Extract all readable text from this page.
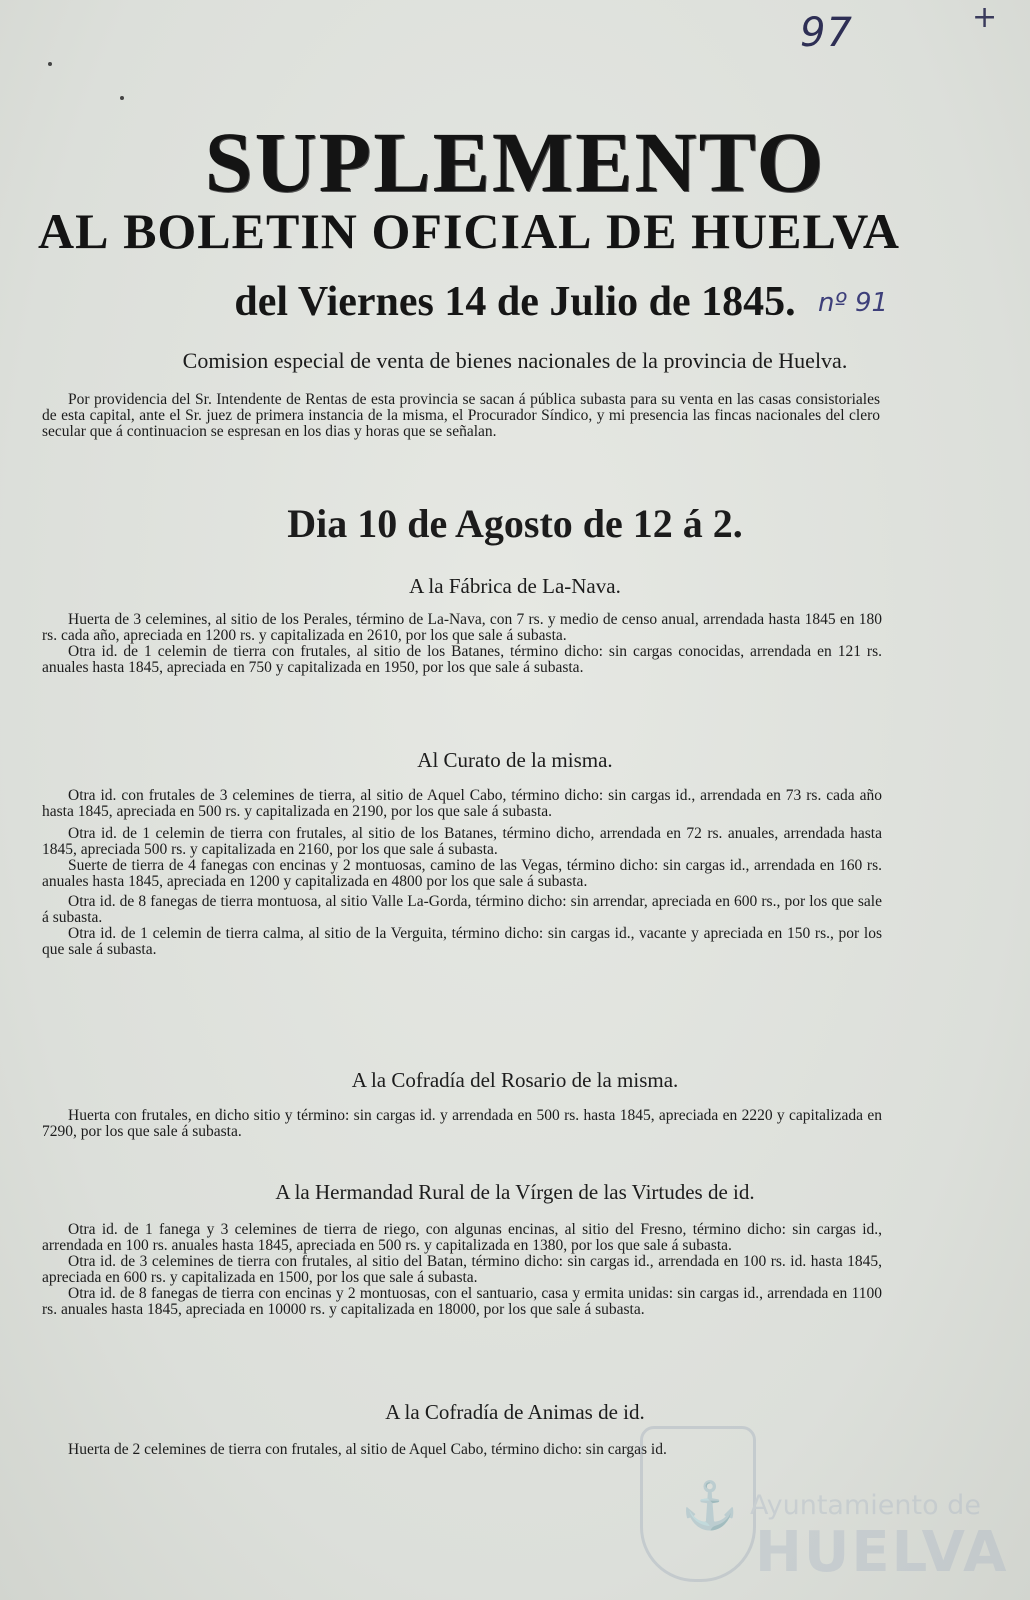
97	+
nº 91
SUPLEMENTO
AL BOLETIN OFICIAL DE HUELVA
del Viernes 14 de Julio de 1845.
Comision especial de venta de bienes nacionales de la provincia de Huelva.
Por providencia del Sr. Intendente de Rentas de esta provincia se sacan á pública subasta para su venta en las casas consistoriales de esta capital, ante el Sr. juez de primera instancia de la misma, el Procurador Síndico, y mi presencia las fincas nacionales del clero secular que á continuacion se espresan en los dias y horas que se señalan.
Dia 10 de Agosto de 12 á 2.
A la Fábrica de La-Nava.
Huerta de 3 celemines, al sitio de los Perales, término de La-Nava, con 7 rs. y medio de censo anual, arrendada hasta 1845 en 180 rs. cada año, apreciada en 1200 rs. y capitalizada en 2610, por los que sale á subasta.
Otra id. de 1 celemin de tierra con frutales, al sitio de los Batanes, término dicho: sin cargas conocidas, arrendada en 121 rs. anuales hasta 1845, apreciada en 750 y capitalizada en 1950, por los que sale á subasta.
Al Curato de la misma.
Otra id. con frutales de 3 celemines de tierra, al sitio de Aquel Cabo, término dicho: sin cargas id., arrendada en 73 rs. cada año hasta 1845, apreciada en 500 rs. y capitalizada en 2190, por los que sale á subasta.
Otra id. de 1 celemin de tierra con frutales, al sitio de los Batanes, término dicho, arrendada en 72 rs. anuales, arrendada hasta 1845, apreciada 500 rs. y capitalizada en 2160, por los que sale á subasta.
Suerte de tierra de 4 fanegas con encinas y 2 montuosas, camino de las Vegas, término dicho: sin cargas id., arrendada en 160 rs. anuales hasta 1845, apreciada en 1200 y capitalizada en 4800 por los que sale á subasta.
Otra id. de 8 fanegas de tierra montuosa, al sitio Valle La-Gorda, término dicho: sin arrendar, apreciada en 600 rs., por los que sale á subasta.
Otra id. de 1 celemin de tierra calma, al sitio de la Verguita, término dicho: sin cargas id., vacante y apreciada en 150 rs., por los que sale á subasta.
A la Cofradía del Rosario de la misma.
Huerta con frutales, en dicho sitio y término: sin cargas id. y arrendada en 500 rs. hasta 1845, apreciada en 2220 y capitalizada en 7290, por los que sale á subasta.
A la Hermandad Rural de la Vírgen de las Virtudes de id.
Otra id. de 1 fanega y 3 celemines de tierra de riego, con algunas encinas, al sitio del Fresno, término dicho: sin cargas id., arrendada en 100 rs. anuales hasta 1845, apreciada en 500 rs. y capitalizada en 1380, por los que sale á subasta.
Otra id. de 3 celemines de tierra con frutales, al sitio del Batan, término dicho: sin cargas id., arrendada en 100 rs. id. hasta 1845, apreciada en 600 rs. y capitalizada en 1500, por los que sale á subasta.
Otra id. de 8 fanegas de tierra con encinas y 2 montuosas, con el santuario, casa y ermita unidas: sin cargas id., arrendada en 1100 rs. anuales hasta 1845, apreciada en 10000 rs. y capitalizada en 18000, por los que sale á subasta.
A la Cofradía de Animas de id.
Huerta de 2 celemines de tierra con frutales, al sitio de Aquel Cabo, término dicho: sin cargas id.
⚓ Ayuntamiento de
HUELVA
